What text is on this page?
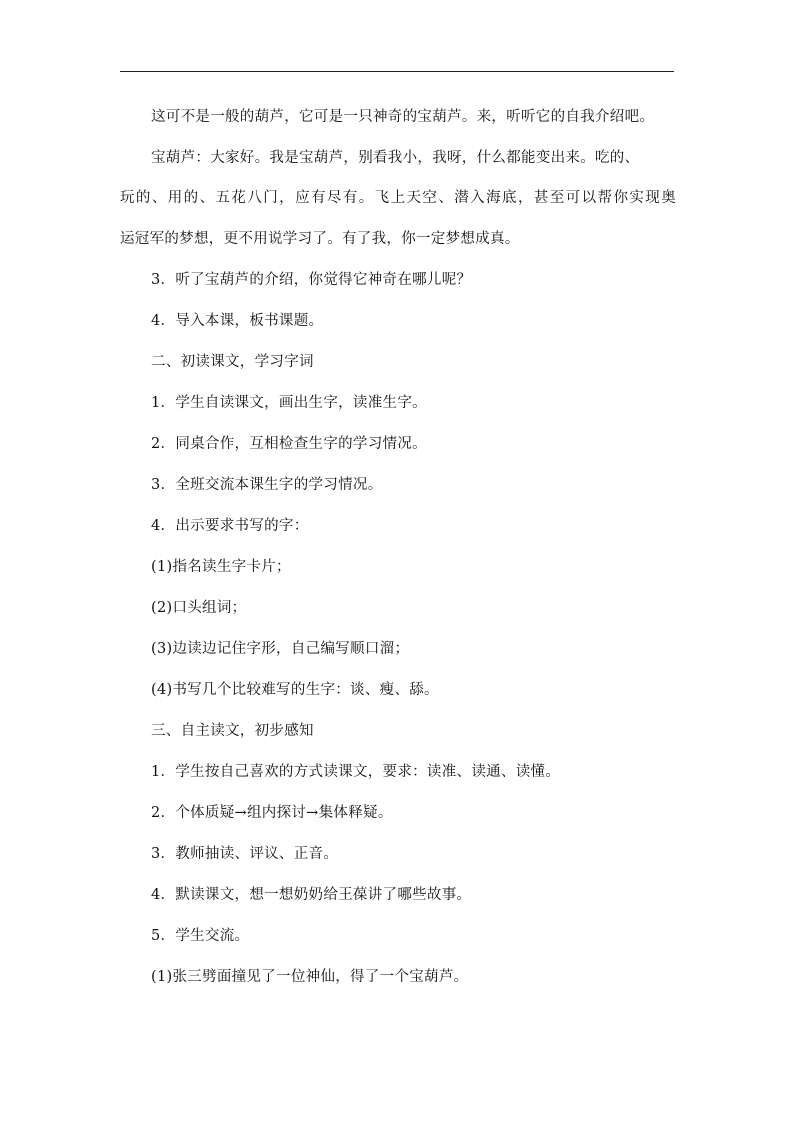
这可不是一般的葫芦，它可是一只神奇的宝葫芦。来，听听它的自我介绍吧。
宝葫芦：大家好。我是宝葫芦，别看我小，我呀，什么都能变出来。吃的、
玩的、用的、五花八门，应有尽有。飞上天空、潜入海底，甚至可以帮你实现奥
运冠军的梦想，更不用说学习了。有了我，你一定梦想成真。
3．听了宝葫芦的介绍，你觉得它神奇在哪儿呢？
4．导入本课，板书课题。
二、初读课文，学习字词
1．学生自读课文，画出生字，读准生字。
2．同桌合作，互相检查生字的学习情况。
3．全班交流本课生字的学习情况。
4．出示要求书写的字：
(1)指名读生字卡片；
(2)口头组词；
(3)边读边记住字形，自己编写顺口溜；
(4)书写几个比较难写的生字：谈、瘦、舔。
三、自主读文，初步感知
1．学生按自己喜欢的方式读课文，要求：读准、读通、读懂。
2．个体质疑→组内探讨→集体释疑。
3．教师抽读、评议、正音。
4．默读课文，想一想奶奶给王葆讲了哪些故事。
5．学生交流。
(1)张三劈面撞见了一位神仙，得了一个宝葫芦。
